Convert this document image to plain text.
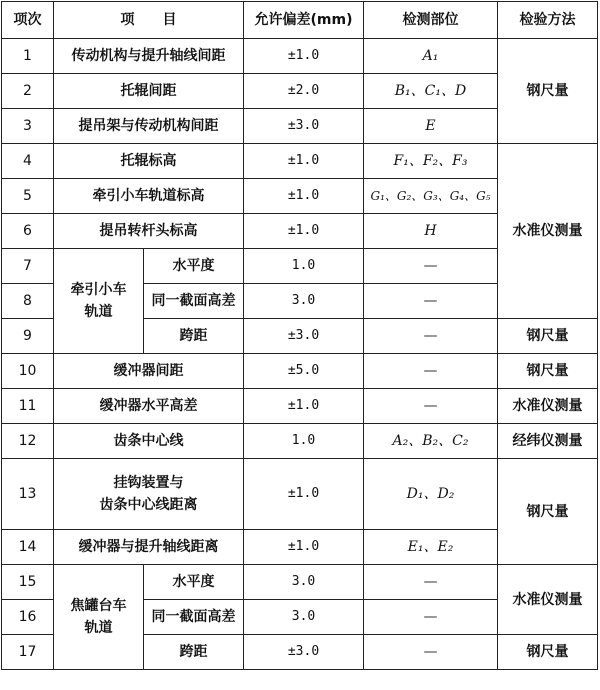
项次	项　　目		允许偏差(mm)	检测部位	检验方法
1	传动机构与提升轴线间距		±1.0	A₁	钢尺量
2	托辊间距		±2.0	B₁、C₁、D	
3	提吊架与传动机构间距		±3.0	E	
4	托辊标高		±1.0	F₁、F₂、F₃	水准仪测量
5	牵引小车轨道标高		±1.0	G₁、G₂、G₃、G₄、G₅	
6	提吊转杆头标高		±1.0	H	
7	牵引小车
轨道	水平度	1.0	—	
8		同一截面高差	3.0	—	
9		跨距	±3.0	—	钢尺量
10	缓冲器间距		±5.0	—	钢尺量
11	缓冲器水平高差		±1.0	—	水准仪测量
12	齿条中心线		1.0	A₂、B₂、C₂	经纬仪测量
13	挂钩装置与
齿条中心线距离		±1.0	D₁、D₂	钢尺量
14	缓冲器与提升轴线距离		±1.0	E₁、E₂	
15	焦罐台车
轨道	水平度	3.0	—	水准仪测量
16		同一截面高差	3.0	—	
17		跨距	±3.0	—	钢尺量
